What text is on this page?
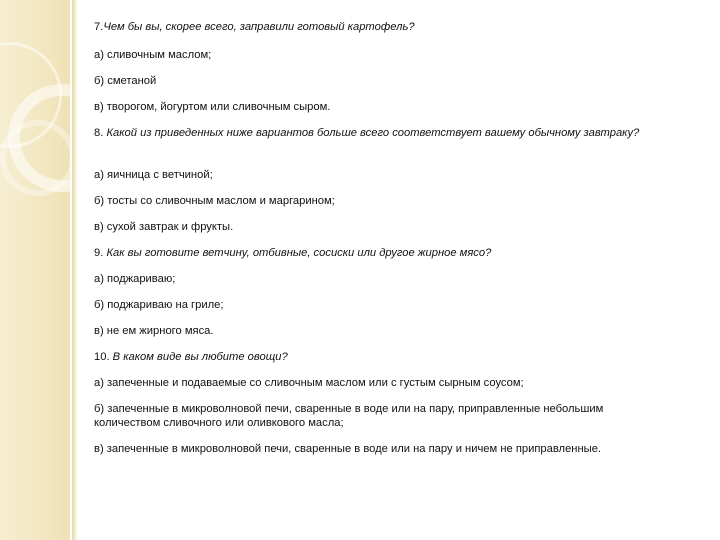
7.Чем бы вы, скорее всего, заправили готовый картофель?
а) сливочным маслом;
б) сметаной
в) творогом, йогуртом или сливочным сыром.
8. Какой из приведенных ниже вариантов больше всего соответствует вашему обычному завтраку?
а) яичница с ветчиной;
б) тосты со сливочным маслом и маргарином;
в) сухой завтрак и фрукты.
9. Как вы готовите ветчину, отбивные, сосиски или другое жирное мясо?
а) поджариваю;
б) поджариваю на гриле;
в) не ем жирного мяса.
10. В каком виде вы любите овощи?
а) запеченные и подаваемые со сливочным маслом или с густым сырным соусом;
б) запеченные в микроволновой печи, сваренные в воде или на пару, приправленные небольшим количеством сливочного или оливкового масла;
в) запеченные в микроволновой печи, сваренные в воде или на пару и ничем не приправленные.
